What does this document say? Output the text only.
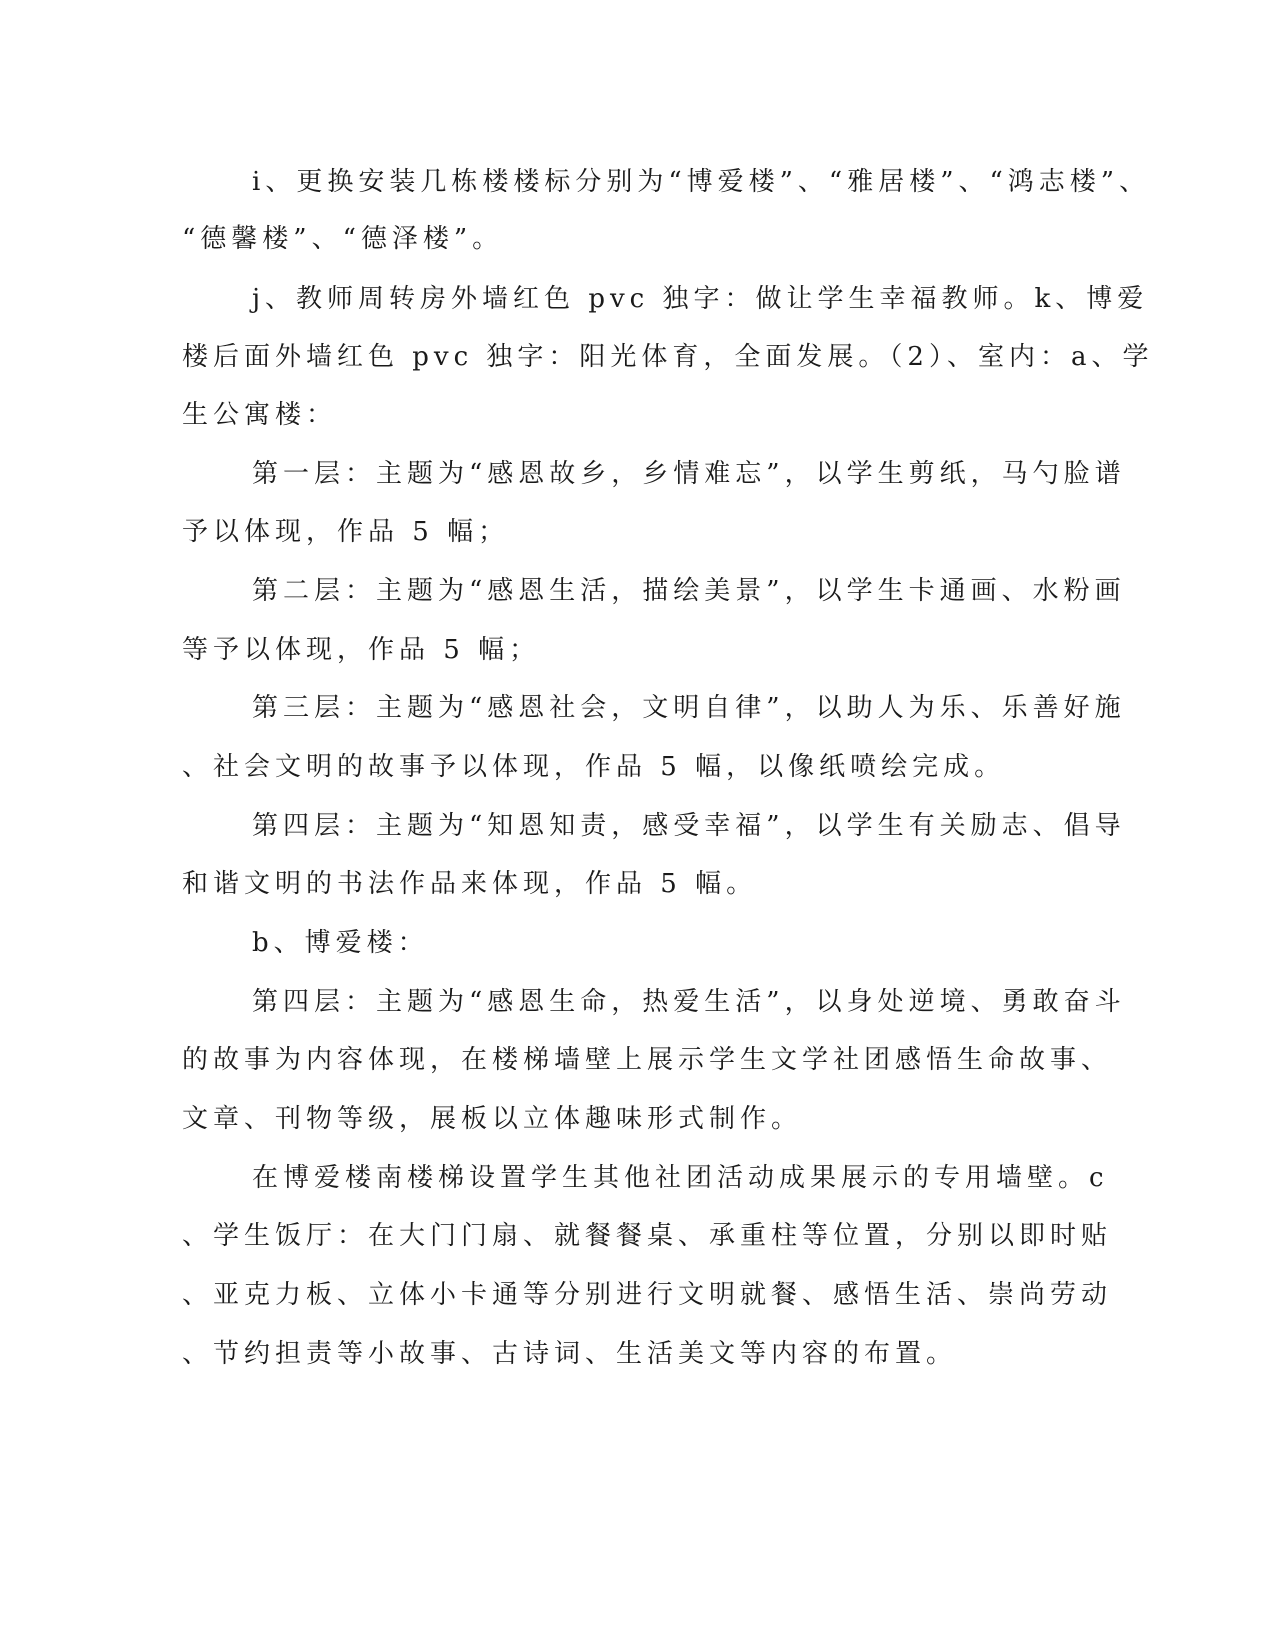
i、更换安装几栋楼楼标分别为“博爱楼”、“雅居楼”、“鸿志楼”、
“德馨楼”、“德泽楼”。
j、教师周转房外墙红色 pvc 独字：做让学生幸福教师。k、博爱
楼后面外墙红色 pvc 独字：阳光体育，全面发展。（2）、室内：a、学
生公寓楼：
第一层：主题为“感恩故乡，乡情难忘”，以学生剪纸，马勺脸谱
予以体现，作品 5 幅；
第二层：主题为“感恩生活，描绘美景”，以学生卡通画、水粉画
等予以体现，作品 5 幅；
第三层：主题为“感恩社会，文明自律”，以助人为乐、乐善好施
、社会文明的故事予以体现，作品 5 幅，以像纸喷绘完成。
第四层：主题为“知恩知责，感受幸福”，以学生有关励志、倡导
和谐文明的书法作品来体现，作品 5 幅。
b、博爱楼：
第四层：主题为“感恩生命，热爱生活”，以身处逆境、勇敢奋斗
的故事为内容体现，在楼梯墙壁上展示学生文学社团感悟生命故事、
文章、刊物等级，展板以立体趣味形式制作。
在博爱楼南楼梯设置学生其他社团活动成果展示的专用墙壁。c
、学生饭厅：在大门门扇、就餐餐桌、承重柱等位置，分别以即时贴
、亚克力板、立体小卡通等分别进行文明就餐、感悟生活、崇尚劳动
、节约担责等小故事、古诗词、生活美文等内容的布置。
